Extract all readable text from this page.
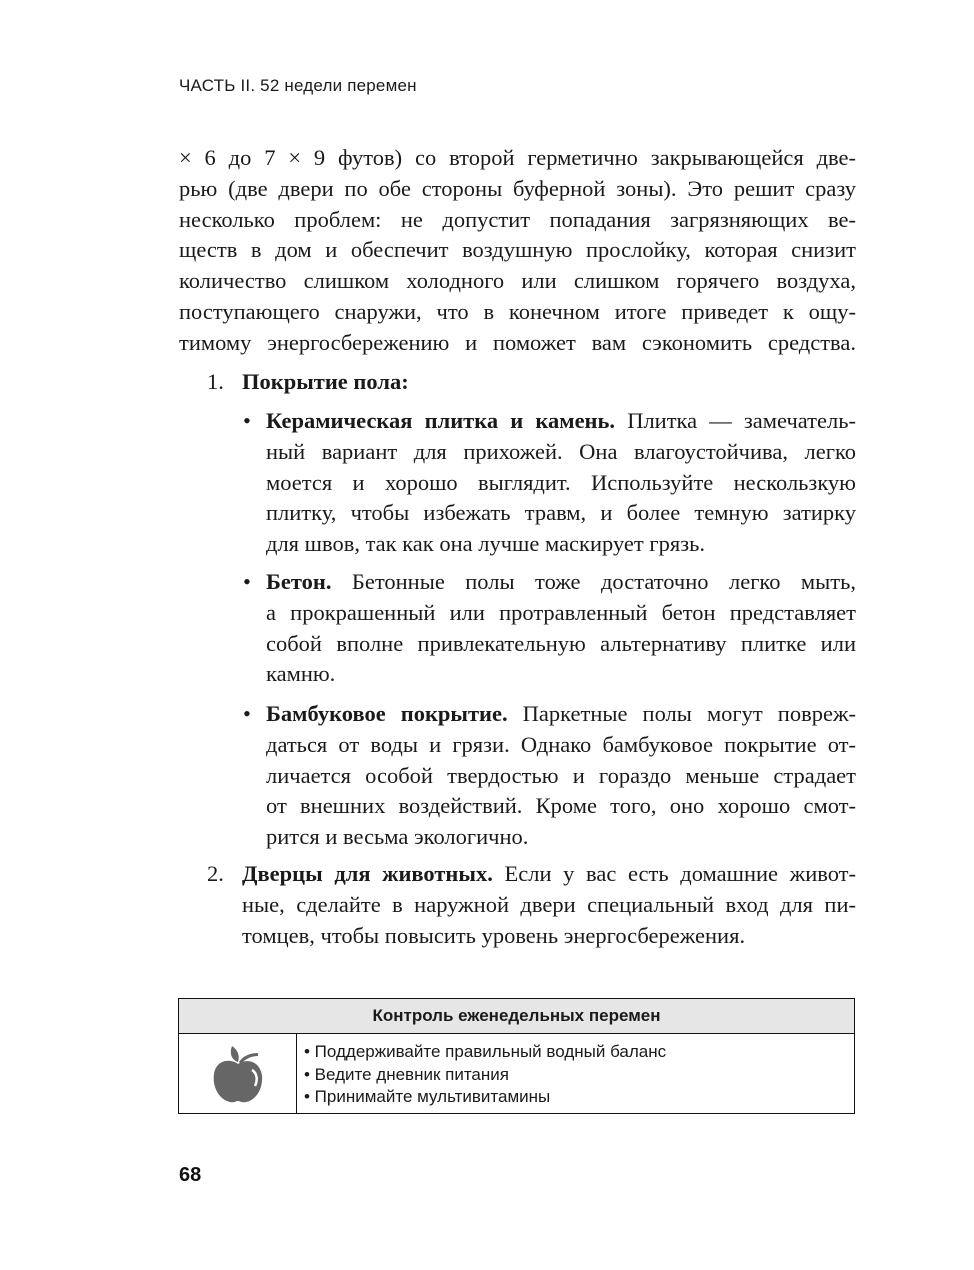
ЧАСТЬ II. 52 недели перемен
× 6 до 7 × 9 футов) со второй герметично закрывающейся две-
рью (две двери по обе стороны буферной зоны). Это решит сразу
несколько проблем: не допустит попадания загрязняющих ве-
ществ в дом и обеспечит воздушную прослойку, которая снизит
количество слишком холодного или слишком горячего воздуха,
поступающего снаружи, что в конечном итоге приведет к ощу-
тимому энергосбережению и поможет вам сэкономить средства.
1. Покрытие пола:
• Керамическая плитка и камень. Плитка — замечатель-
ный вариант для прихожей. Она влагоустойчива, легко
моется и хорошо выглядит. Используйте нескользкую
плитку, чтобы избежать травм, и более темную затирку
для швов, так как она лучше маскирует грязь.
• Бетон. Бетонные полы тоже достаточно легко мыть,
а прокрашенный или протравленный бетон представляет
собой вполне привлекательную альтернативу плитке или
камню.
• Бамбуковое покрытие. Паркетные полы могут повреж-
даться от воды и грязи. Однако бамбуковое покрытие от-
личается особой твердостью и гораздо меньше страдает
от внешних воздействий. Кроме того, оно хорошо смот-
рится и весьма экологично.
2. Дверцы для животных. Если у вас есть домашние живот-
ные, сделайте в наружной двери специальный вход для пи-
томцев, чтобы повысить уровень энергосбережения.
Контроль еженедельных перемен
• Поддерживайте правильный водный баланс
• Ведите дневник питания
• Принимайте мультивитамины
68
